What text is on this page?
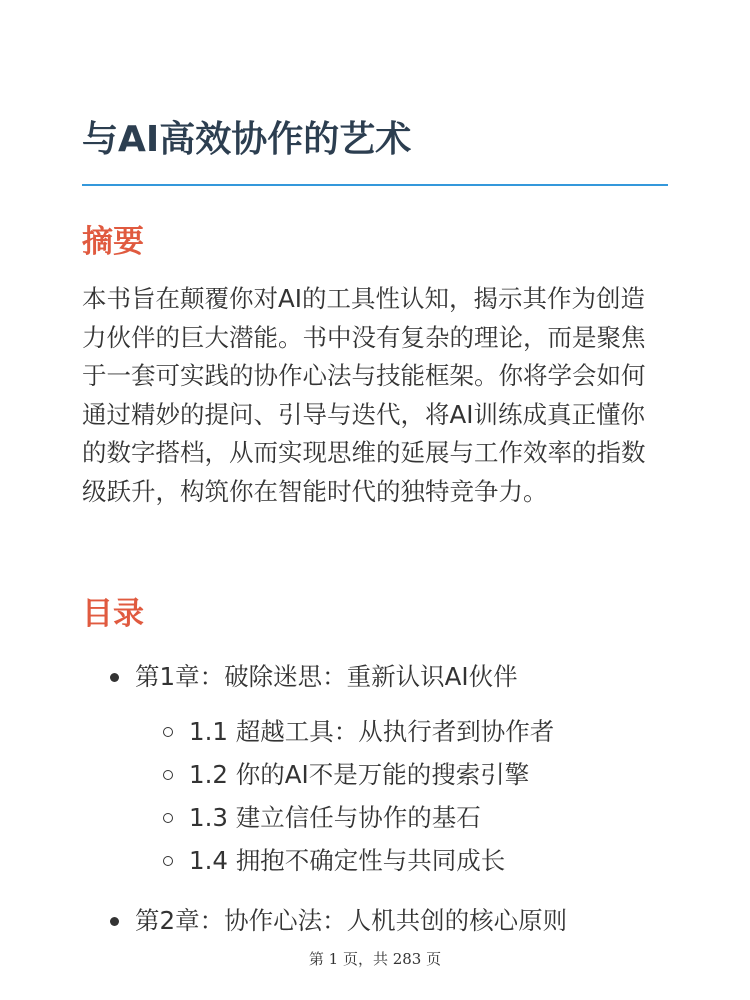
与AI高效协作的艺术
摘要

本书旨在颠覆你对AI的工具性认知，揭示其作为创造力伙伴的巨大潜能。书中没有复杂的理论，而是聚焦于一套可实践的协作心法与技能框架。你将学会如何通过精妙的提问、引导与迭代，将AI训练成真正懂你的数字搭档，从而实现思维的延展与工作效率的指数级跃升，构筑你在智能时代的独特竞争力。

目录
第1章：破除迷思：重新认识AI伙伴
1.1 超越工具：从执行者到协作者
1.2 你的AI不是万能的搜索引擎
1.3 建立信任与协作的基石
1.4 拥抱不确定性与共同成长
第2章：协作心法：人机共创的核心原则
第 1 页，共 283 页
